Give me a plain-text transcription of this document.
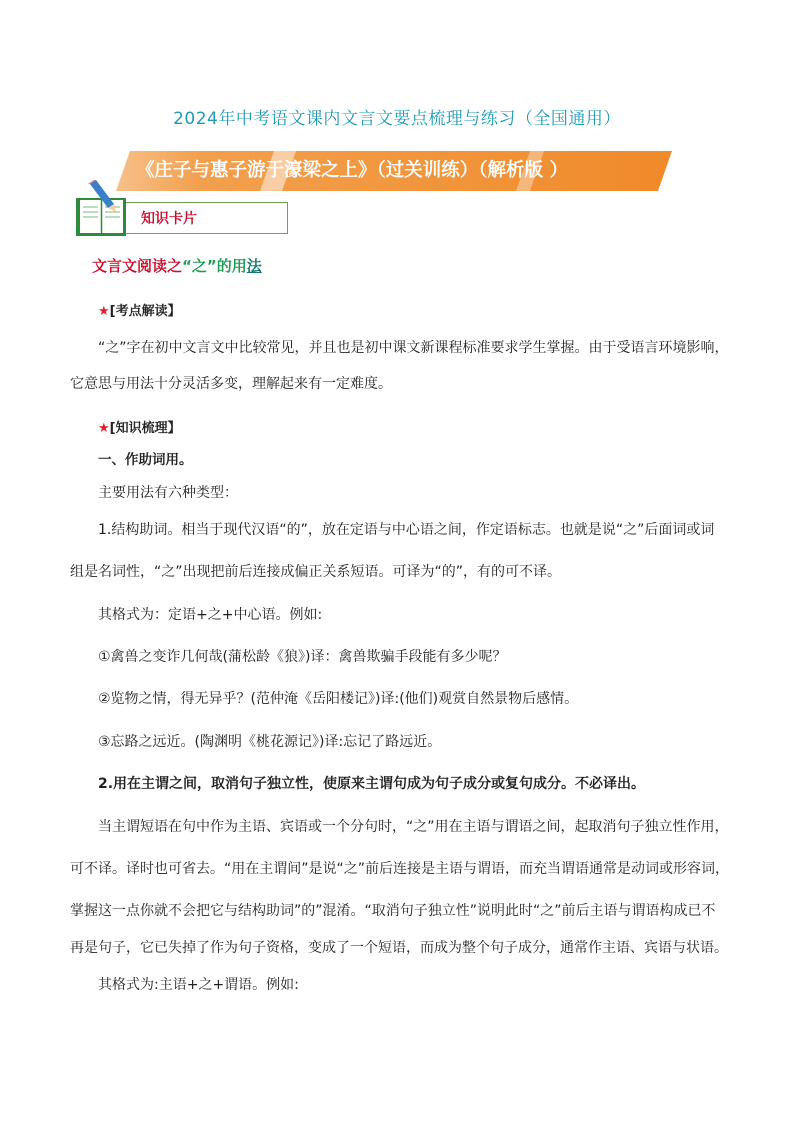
2024年中考语文课内文言文要点梳理与练习（全国通用）
《庄子与惠子游于濠梁之上》（过关训练）（解析版 ）
知识卡片
文言文阅读之“之”的用法
★[考点解读】
“之”字在初中文言文中比较常见，并且也是初中课文新课程标准要求学生掌握。由于受语言环境影响，
它意思与用法十分灵活多变，理解起来有一定难度。
★[知识梳理】
一、作助词用。
主要用法有六种类型：
1.结构助词。相当于现代汉语“的”，放在定语与中心语之间，作定语标志。也就是说“之”后面词或词
组是名词性，“之”出现把前后连接成偏正关系短语。可译为“的”，有的可不译。
其格式为：定语+之+中心语。例如:
①禽兽之变诈几何哉(蒲松龄《狼》)译：禽兽欺骗手段能有多少呢？
②览物之情，得无异乎？(范仲淹《岳阳楼记》)译:(他们)观赏自然景物后感情。
③忘路之远近。(陶渊明《桃花源记》)译:忘记了路远近。
2.用在主谓之间，取消句子独立性，使原来主谓句成为句子成分或复句成分。不必译出。
当主谓短语在句中作为主语、宾语或一个分句时，“之”用在主语与谓语之间，起取消句子独立性作用，
可不译。译时也可省去。“用在主谓间”是说“之”前后连接是主语与谓语，而充当谓语通常是动词或形容词，
掌握这一点你就不会把它与结构助词”的”混淆。“取消句子独立性”说明此时“之”前后主语与谓语构成已不
再是句子，它已失掉了作为句子资格，变成了一个短语，而成为整个句子成分，通常作主语、宾语与状语。
其格式为:主语+之+谓语。例如:
